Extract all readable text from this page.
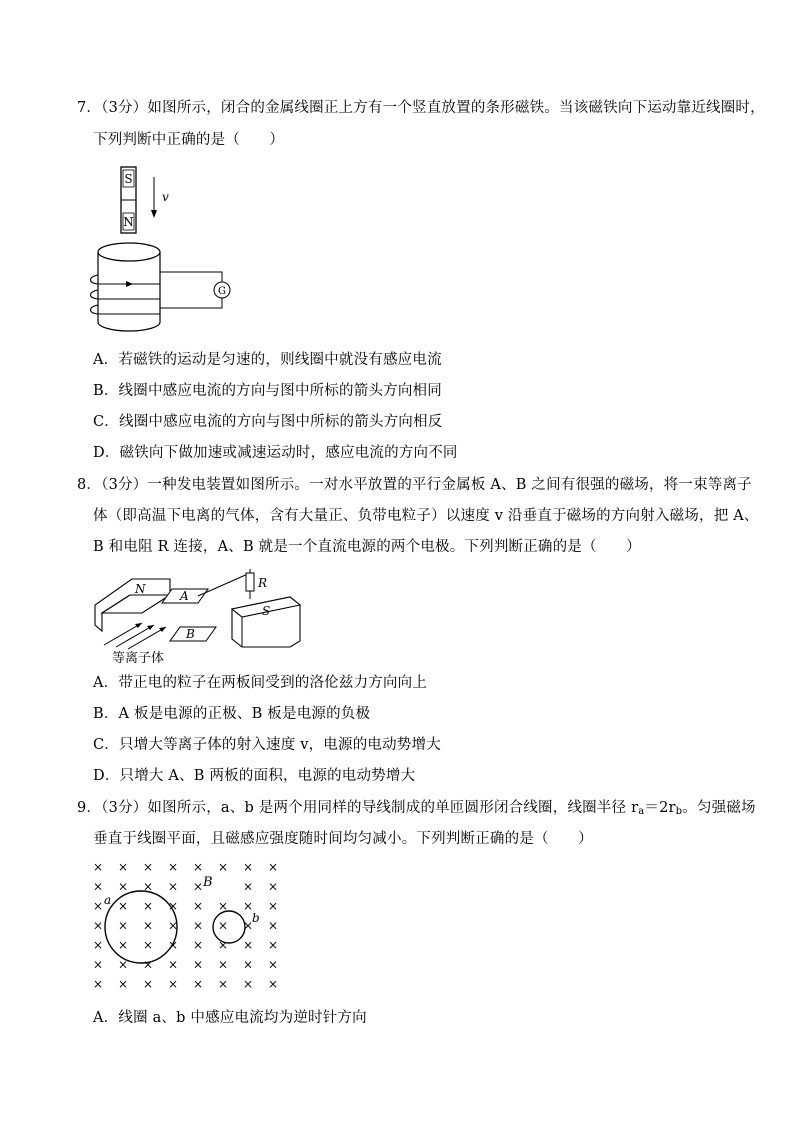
7．（3分）如图所示，闭合的金属线圈正上方有一个竖直放置的条形磁铁。当该磁铁向下运动靠近线圈时，
下列判断中正确的是（　　）
S
N
v
G
A．若磁铁的运动是匀速的，则线圈中就没有感应电流
B．线圈中感应电流的方向与图中所标的箭头方向相同
C．线圈中感应电流的方向与图中所标的箭头方向相反
D．磁铁向下做加速或减速运动时，感应电流的方向不同
8．（3分）一种发电装置如图所示。一对水平放置的平行金属板 A、B 之间有很强的磁场，将一束等离子
体（即高温下电离的气体，含有大量正、负带电粒子）以速度 v 沿垂直于磁场的方向射入磁场，把 A、
B 和电阻 R 连接，A、B 就是一个直流电源的两个电极。下列判断正确的是（　　）
N	A
B
R
S
等离子体
A．带正电的粒子在两板间受到的洛伦兹力方向向上
B．A 板是电源的正极、B 板是电源的负极
C．只增大等离子体的射入速度 v，电源的电动势增大
D．只增大 A、B 两板的面积，电源的电动势增大
9．（3分）如图所示，a、b 是两个用同样的导线制成的单匝圆形闭合线圈，线圈半径 $r_a=2r_b$。匀强磁场
垂直于线圈平面，且磁感应强度随时间均匀减小。下列判断正确的是（　　）
× × × × × × × ×
× × × × ×	× ×
× × × × × × × ×
× × × × × × × ×
× × × × × × × ×
× × × × × × × ×
× × × × × × × ×
a
b
B
A．线圈 a、b 中感应电流均为逆时针方向
